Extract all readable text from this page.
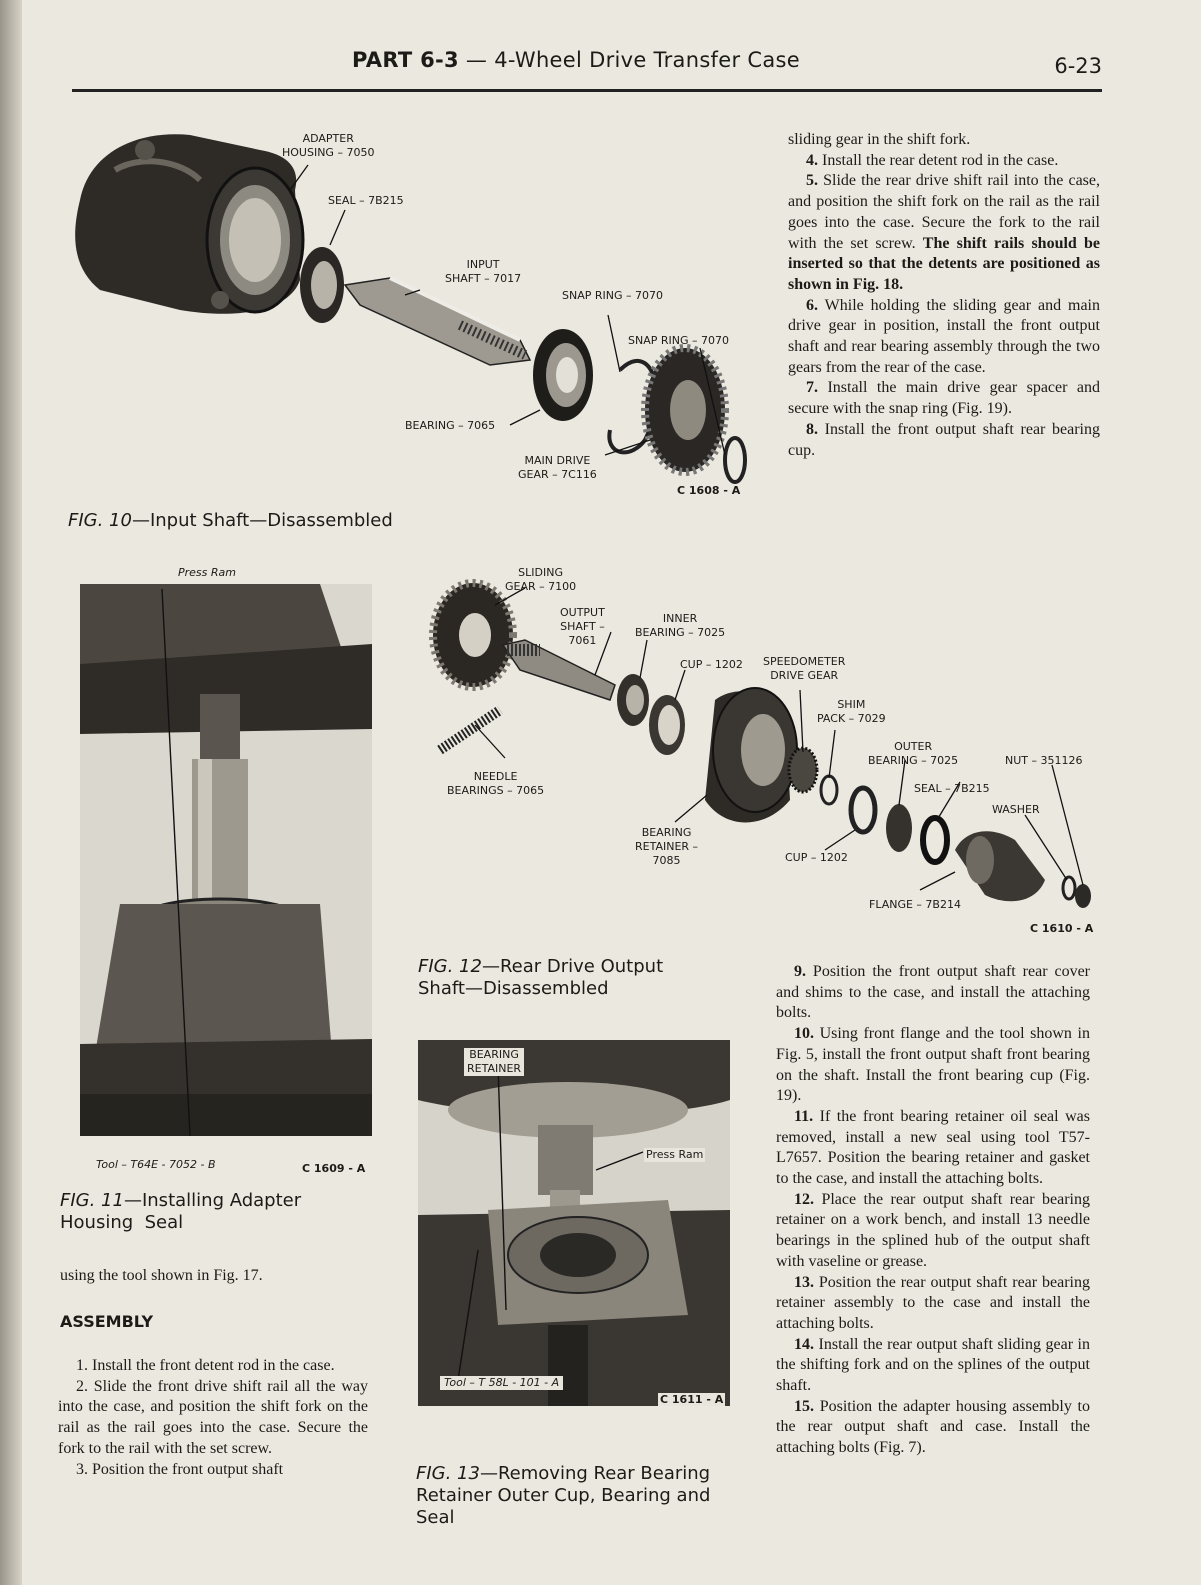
PART 6-3 — 4-Wheel Drive Transfer Case	6-23
ADAPTER
HOUSING – 7050
SEAL – 7B215
INPUT
SHAFT – 7017
SNAP RING – 7070
SNAP RING – 7070
BEARING – 7065
MAIN DRIVE
GEAR – 7C116
C 1608 - A
FIG. 10—Input Shaft—Disassembled
Press Ram
Tool – T64E - 7052 - B	C 1609 - A
FIG. 11—Installing Adapter
Housing  Seal

using the tool shown in Fig. 17.

ASSEMBLY

1. Install the front detent rod in the case.

2. Slide the front drive shift rail all the way into the case, and position the shift fork on the rail as the rail goes into the case. Secure the fork to the rail with the set screw.

3. Position the front output shaft

sliding gear in the shift fork.

4. Install the rear detent rod in the case.

5. Slide the rear drive shift rail into the case, and position the shift fork on the rail as the rail goes into the case. Secure the fork to the rail with the set screw. The shift rails should be inserted so that the detents are positioned as shown in Fig. 18.

6. While holding the sliding gear and main drive gear in position, install the front output shaft and rear bearing assembly through the two gears from the rear of the case.

7. Install the main drive gear spacer and secure with the snap ring (Fig. 19).

8. Install the front output shaft rear bearing cup.

SLIDING
GEAR – 7100
OUTPUT
SHAFT –
7061
INNER
BEARING – 7025
CUP – 1202 SPEEDOMETER
DRIVE GEAR
SHIM
PACK – 7029
OUTER
BEARING – 7025	NUT – 351126
SEAL – 7B215
WASHER
NEEDLE
BEARINGS – 7065
BEARING
RETAINER –
7085	CUP – 1202
FLANGE – 7B214
C 1610 - A
FIG. 12—Rear Drive Output
Shaft—Disassembled
BEARING
RETAINER
Press Ram
Tool – T 58L - 101 - A
C 1611 - A
FIG. 13—Removing Rear Bearing
Retainer Outer Cup, Bearing and
Seal

9. Position the front output shaft rear cover and shims to the case, and install the attaching bolts.

10. Using front flange and the tool shown in Fig. 5, install the front output shaft front bearing on the shaft. Install the front bearing cup (Fig. 19).

11. If the front bearing retainer oil seal was removed, install a new seal using tool T57-L7657. Position the bearing retainer and gasket to the case, and install the attaching bolts.

12. Place the rear output shaft rear bearing retainer on a work bench, and install 13 needle bearings in the splined hub of the output shaft with vaseline or grease.

13. Position the rear output shaft rear bearing retainer assembly to the case and install the attaching bolts.

14. Install the rear output shaft sliding gear in the shifting fork and on the splines of the output shaft.

15. Position the adapter housing assembly to the rear output shaft and case. Install the attaching bolts (Fig. 7).
